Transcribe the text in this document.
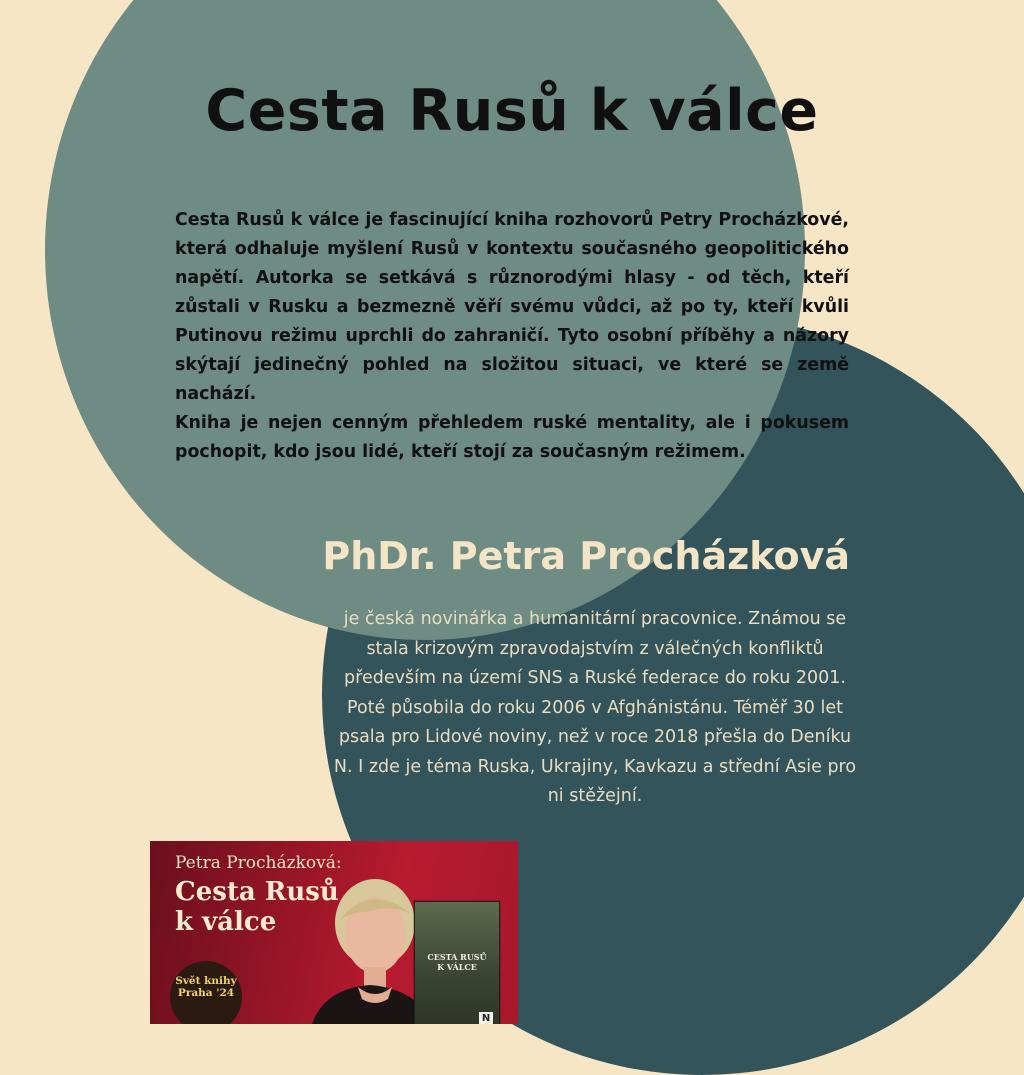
Cesta Rusů k válce

Cesta Rusů k válce je fascinující kniha rozhovorů Petry Procházkové, která odhaluje myšlení Rusů v kontextu současného geopolitického napětí. Autorka se setkává s různorodými hlasy - od těch, kteří zůstali v Rusku a bezmezně věří svému vůdci, až po ty, kteří kvůli Putinovu režimu uprchli do zahraničí. Tyto osobní příběhy a názory skýtají jedinečný pohled na složitou situaci, ve které se země nachází.

Kniha je nejen cenným přehledem ruské mentality, ale i pokusem pochopit, kdo jsou lidé, kteří stojí za současným režimem.

PhDr. Petra Procházková
je česká novinářka a humanitární pracovnice. Známou se stala krizovým zpravodajstvím z válečných konfliktů především na území SNS a Ruské federace do roku 2001. Poté působila do roku 2006 v Afghánistánu. Téměř 30 let psala pro Lidové noviny, než v roce 2018 přešla do Deníku N. I zde je téma Ruska, Ukrajiny, Kavkazu a střední Asie pro ni stěžejní.
Petra Procházková:
Cesta Rusů
k válce
Svět knihy
Praha '24
CESTA RUSŮ
K VÁLCE
N
